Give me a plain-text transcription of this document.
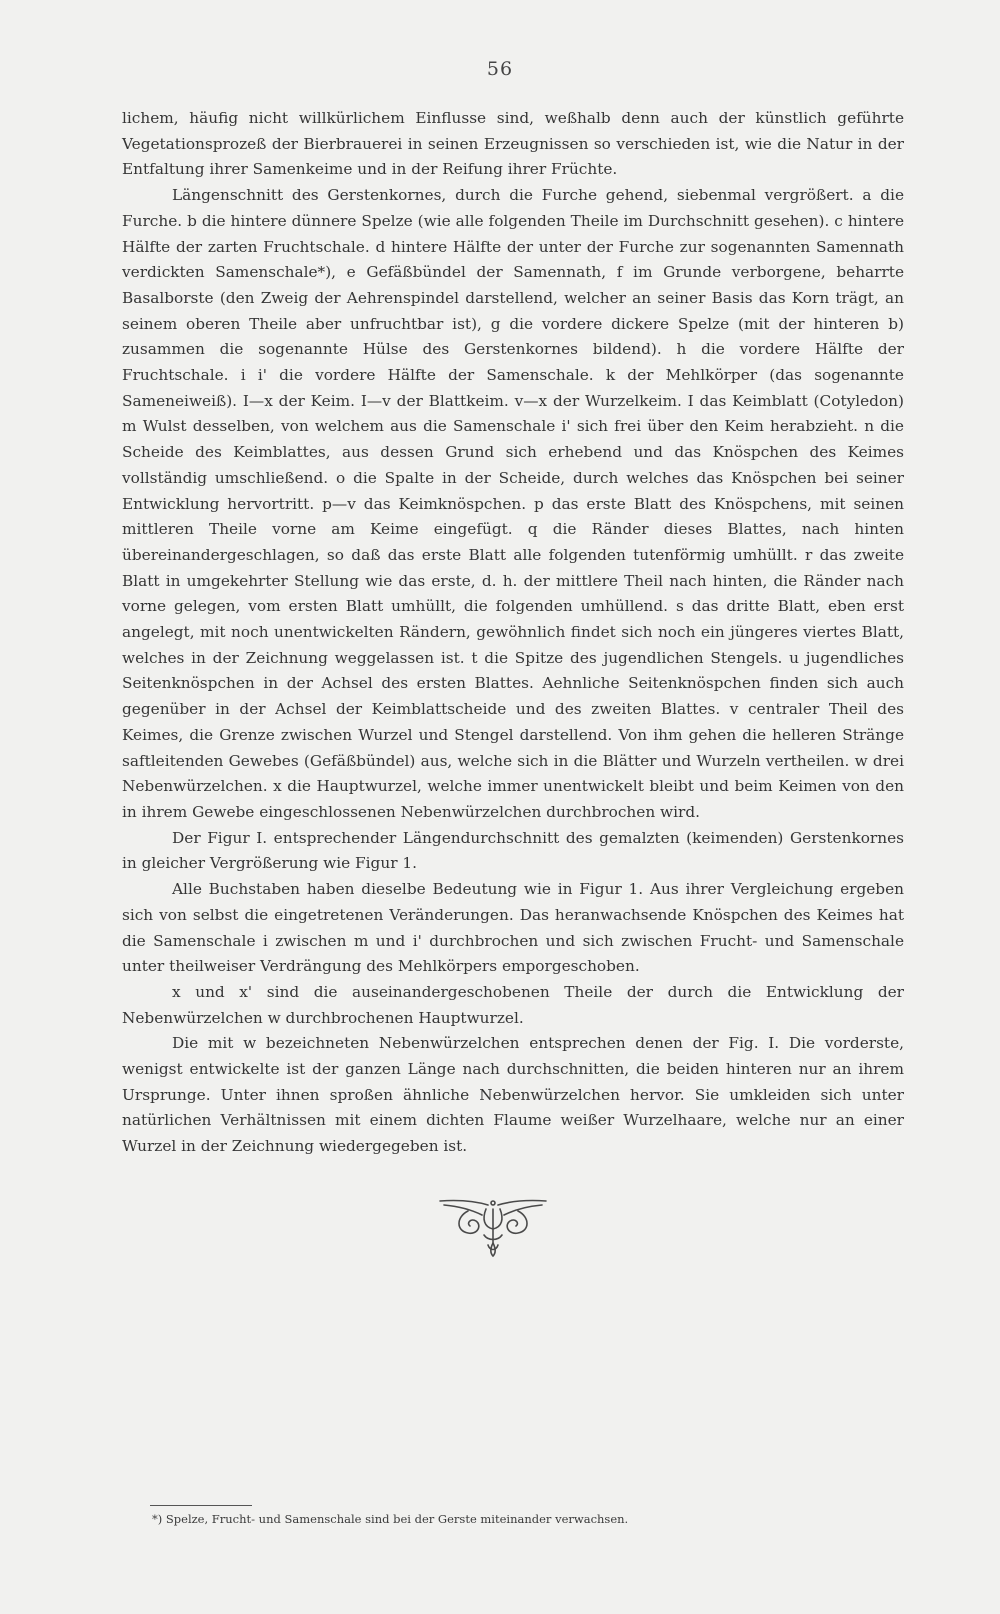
56

lichem, häufig nicht willkürlichem Einflusse sind, weßhalb denn auch der künstlich geführte Vegetationsprozeß der Bierbrauerei in seinen Erzeugnissen so verschieden ist, wie die Natur in der Entfaltung ihrer Samenkeime und in der Reifung ihrer Früchte.

Längenschnitt des Gerstenkornes, durch die Furche gehend, siebenmal vergrößert. a die Furche. b die hintere dünnere Spelze (wie alle folgenden Theile im Durchschnitt gesehen). c hintere Hälfte der zarten Fruchtschale. d hintere Hälfte der unter der Furche zur sogenannten Samennath verdickten Samenschale*), e Gefäßbündel der Samennath, f im Grunde verborgene, beharrte Basalborste (den Zweig der Aehrenspindel darstellend, welcher an seiner Basis das Korn trägt, an seinem oberen Theile aber unfruchtbar ist), g die vordere dickere Spelze (mit der hinteren b) zusammen die sogenannte Hülse des Gerstenkornes bildend). h die vordere Hälfte der Fruchtschale. i i' die vordere Hälfte der Samenschale. k der Mehlkörper (das sogenannte Sameneiweiß). I—x der Keim. I—v der Blattkeim. v—x der Wurzelkeim. I das Keimblatt (Cotyledon) m Wulst desselben, von welchem aus die Samenschale i' sich frei über den Keim herabzieht. n die Scheide des Keimblattes, aus dessen Grund sich erhebend und das Knöspchen des Keimes vollständig umschließend. o die Spalte in der Scheide, durch welches das Knöspchen bei seiner Entwicklung hervortritt. p—v das Keimknöspchen. p das erste Blatt des Knöspchens, mit seinen mittleren Theile vorne am Keime eingefügt. q die Ränder dieses Blattes, nach hinten übereinandergeschlagen, so daß das erste Blatt alle folgenden tutenförmig umhüllt. r das zweite Blatt in umgekehrter Stellung wie das erste, d. h. der mittlere Theil nach hinten, die Ränder nach vorne gelegen, vom ersten Blatt umhüllt, die folgenden umhüllend. s das dritte Blatt, eben erst angelegt, mit noch unentwickelten Rändern, gewöhnlich findet sich noch ein jüngeres viertes Blatt, welches in der Zeichnung weggelassen ist. t die Spitze des jugendlichen Stengels. u jugendliches Seitenknöspchen in der Achsel des ersten Blattes. Aehnliche Seitenknöspchen finden sich auch gegenüber in der Achsel der Keimblattscheide und des zweiten Blattes. v centraler Theil des Keimes, die Grenze zwischen Wurzel und Stengel darstellend. Von ihm gehen die helleren Stränge saftleitenden Gewebes (Gefäßbündel) aus, welche sich in die Blätter und Wurzeln vertheilen. w drei Nebenwürzelchen. x die Hauptwurzel, welche immer unentwickelt bleibt und beim Keimen von den in ihrem Gewebe eingeschlossenen Nebenwürzelchen durchbrochen wird.

Der Figur I. entsprechender Längendurchschnitt des gemalzten (keimenden) Gerstenkornes in gleicher Vergrößerung wie Figur 1.

Alle Buchstaben haben dieselbe Bedeutung wie in Figur 1. Aus ihrer Vergleichung ergeben sich von selbst die eingetretenen Veränderungen. Das heranwachsende Knöspchen des Keimes hat die Samenschale i zwischen m und i' durchbrochen und sich zwischen Frucht- und Samenschale unter theilweiser Verdrängung des Mehlkörpers emporgeschoben.

x und x' sind die auseinandergeschobenen Theile der durch die Entwicklung der Nebenwürzelchen w durchbrochenen Hauptwurzel.

Die mit w bezeichneten Nebenwürzelchen entsprechen denen der Fig. I. Die vorderste, wenigst entwickelte ist der ganzen Länge nach durchschnitten, die beiden hinteren nur an ihrem Ursprunge. Unter ihnen sproßen ähnliche Nebenwürzelchen hervor. Sie umkleiden sich unter natürlichen Verhältnissen mit einem dichten Flaume weißer Wurzelhaare, welche nur an einer Wurzel in der Zeichnung wiedergegeben ist.

*) Spelze, Frucht- und Samenschale sind bei der Gerste miteinander verwachsen.
